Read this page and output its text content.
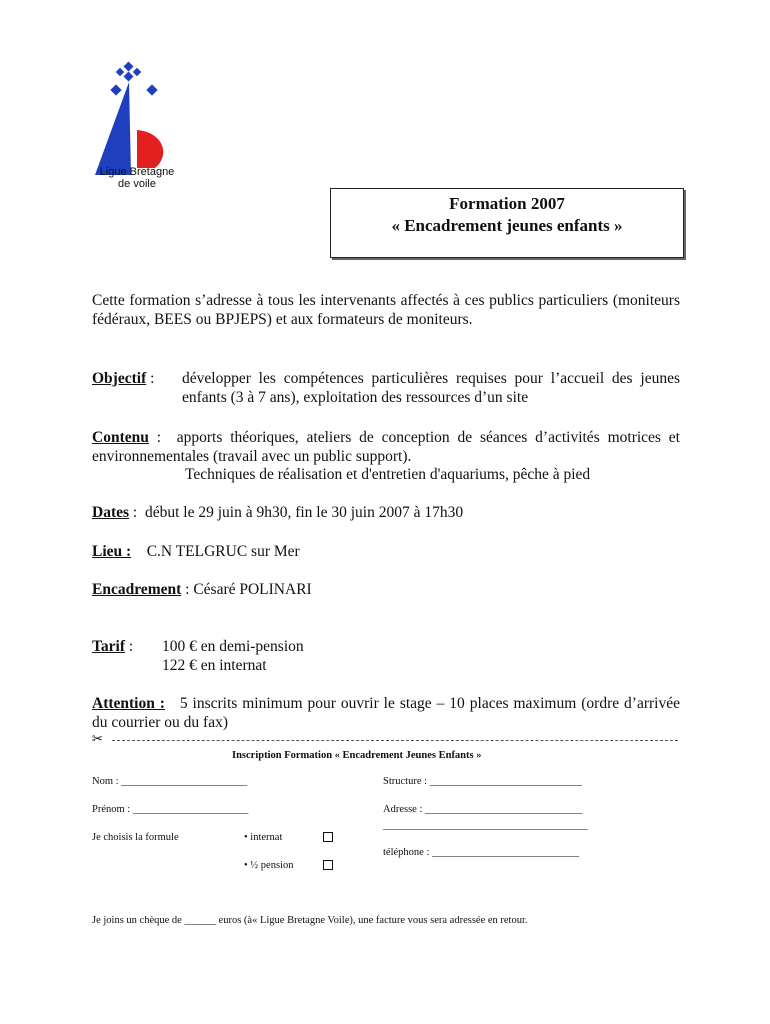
Ligue Bretagne
de voile
Formation 2007
« Encadrement jeunes enfants »
Cette formation s’adresse à tous les intervenants affectés à ces publics particuliers (moniteurs fédéraux, BEES ou BPJEPS) et aux formateurs de moniteurs.
Objectif :	développer les compétences particulières requises pour l’accueil des jeunes enfants (3 à 7 ans), exploitation des ressources d’un site
Contenu : apports théoriques, ateliers de conception de séances d’activités motrices et environnementales (travail avec un public support).
Techniques de réalisation et d'entretien d'aquariums, pêche à pied
Dates : début le 29 juin à 9h30, fin le 30 juin 2007 à 17h30
Lieu : C.N TELGRUC sur Mer
Encadrement : Césaré POLINARI
Tarif : 100 € en demi-pension
122 € en internat
Attention : 5 inscrits minimum pour ouvrir le stage – 10 places maximum (ordre d’arrivée du courrier ou du fax)
✂
Inscription Formation « Encadrement Jeunes Enfants »
Nom : ________________________
Prénom : ______________________
Je choisis la formule	• internat
• ½ pension
Structure : _____________________________
Adresse : ______________________________
_______________________________________
téléphone : ____________________________
Je joins un chèque de ______ euros (à« Ligue Bretagne Voile), une facture vous sera adressée en retour.
